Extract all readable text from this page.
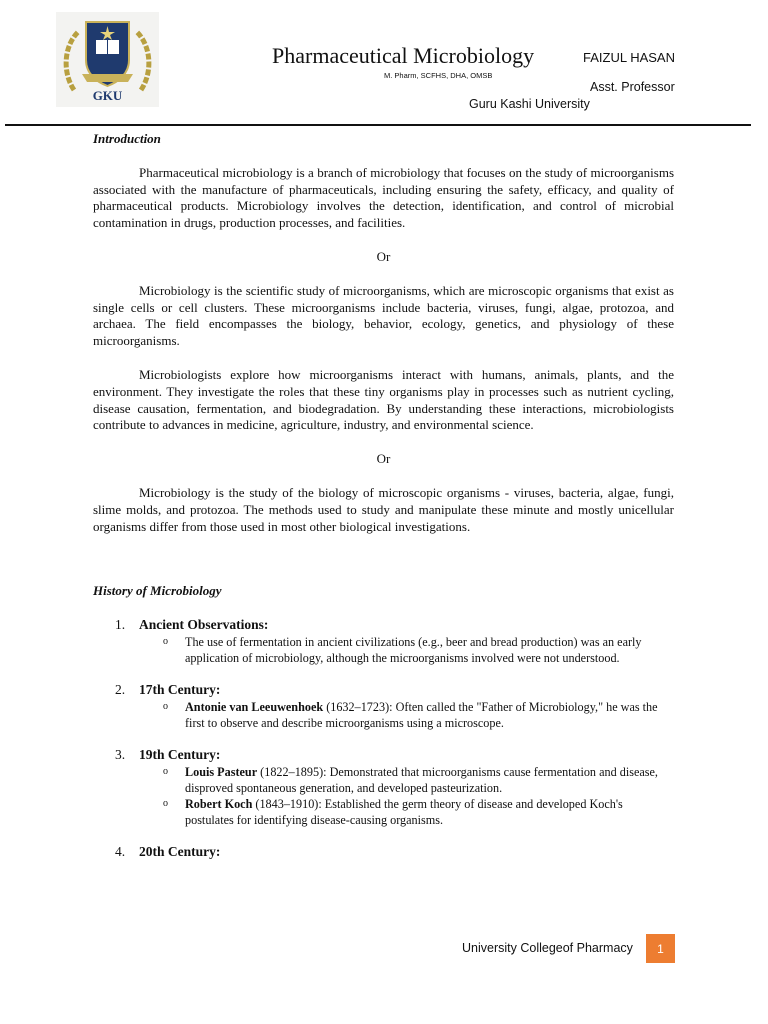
GKU
Pharmaceutical Microbiology
M. Pharm, SCFHS, DHA, OMSB
FAIZUL HASAN
Asst. Professor
Guru Kashi University

Introduction

Pharmaceutical microbiology is a branch of microbiology that focuses on the study of microorganisms associated with the manufacture of pharmaceuticals, including ensuring the safety, efficacy, and quality of pharmaceutical products. Microbiology involves the detection, identification, and control of microbial contamination in drugs, production processes, and facilities.

Or

Microbiology is the scientific study of microorganisms, which are microscopic organisms that exist as single cells or cell clusters. These microorganisms include bacteria, viruses, fungi, algae, protozoa, and archaea. The field encompasses the biology, behavior, ecology, genetics, and physiology of these microorganisms.

Microbiologists explore how microorganisms interact with humans, animals, plants, and the environment. They investigate the roles that these tiny organisms play in processes such as nutrient cycling, disease causation, fermentation, and biodegradation. By understanding these interactions, microbiologists contribute to advances in medicine, agriculture, industry, and environmental science.

Or

Microbiology is the study of the biology of microscopic organisms - viruses, bacteria, algae, fungi, slime molds, and protozoa. The methods used to study and manipulate these minute and mostly unicellular organisms differ from those used in most other biological investigations.

History of Microbiology

1. Ancient Observations:
o The use of fermentation in ancient civilizations (e.g., beer and bread production) was an early application of microbiology, although the microorganisms involved were not understood.
2. 17th Century:
o Antonie van Leeuwenhoek (1632–1723): Often called the "Father of Microbiology," he was the first to observe and describe microorganisms using a microscope.
3. 19th Century:
o Louis Pasteur (1822–1895): Demonstrated that microorganisms cause fermentation and disease, disproved spontaneous generation, and developed pasteurization.
o Robert Koch (1843–1910): Established the germ theory of disease and developed Koch's postulates for identifying disease-causing organisms.
4. 20th Century:
University Collegeof Pharmacy	1
